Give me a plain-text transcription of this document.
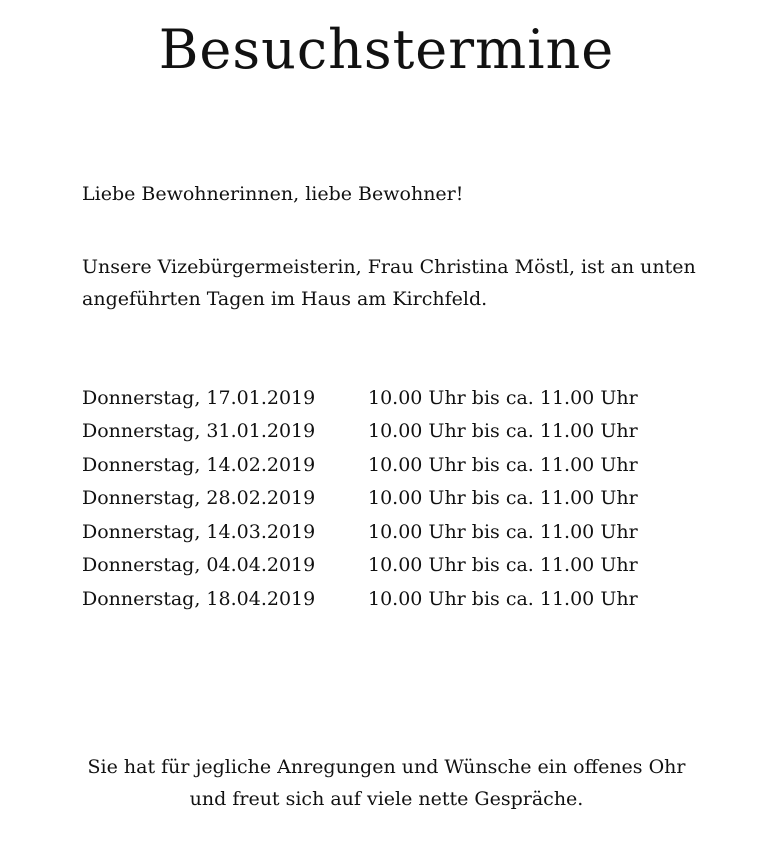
Besuchstermine

Liebe Bewohnerinnen, liebe Bewohner!

Unsere Vizebürgermeisterin, Frau Christina Möstl, ist an unten
angeführten Tagen im Haus am Kirchfeld.

Donnerstag, 17.01.2019	10.00 Uhr bis ca. 11.00 Uhr
Donnerstag, 31.01.2019	10.00 Uhr bis ca. 11.00 Uhr
Donnerstag, 14.02.2019	10.00 Uhr bis ca. 11.00 Uhr
Donnerstag, 28.02.2019	10.00 Uhr bis ca. 11.00 Uhr
Donnerstag, 14.03.2019	10.00 Uhr bis ca. 11.00 Uhr
Donnerstag, 04.04.2019	10.00 Uhr bis ca. 11.00 Uhr
Donnerstag, 18.04.2019	10.00 Uhr bis ca. 11.00 Uhr

Sie hat für jegliche Anregungen und Wünsche ein offenes Ohr
und freut sich auf viele nette Gespräche.
